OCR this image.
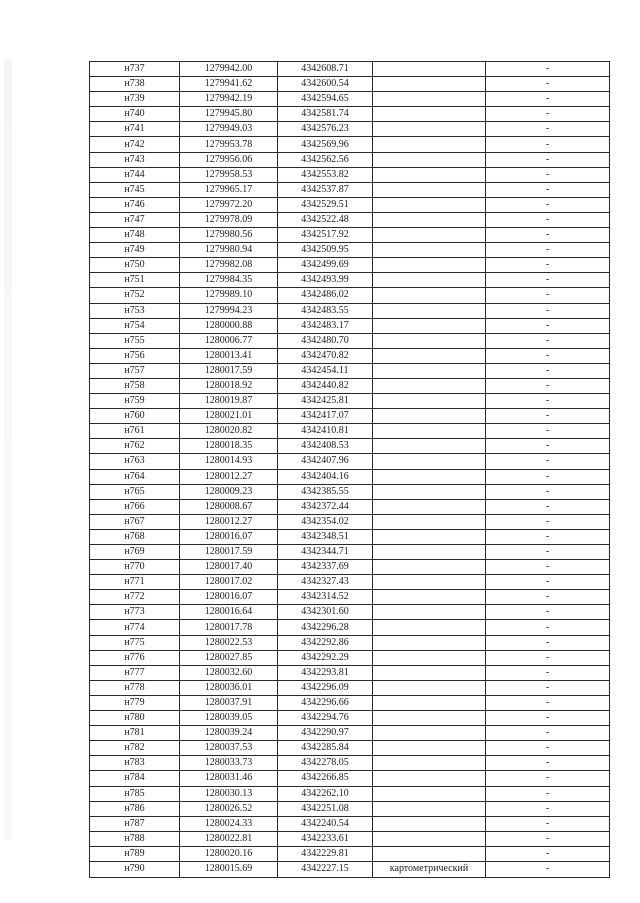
н737	1279942.00	4342608.71		-
н738	1279941.62	4342600.54		-
н739	1279942.19	4342594.65		-
н740	1279945.80	4342581.74		-
н741	1279949.03	4342576.23		-
н742	1279953.78	4342569.96		-
н743	1279956.06	4342562.56		-
н744	1279958.53	4342553.82		-
н745	1279965.17	4342537.87		-
н746	1279972.20	4342529.51		-
н747	1279978.09	4342522.48		-
н748	1279980.56	4342517.92		-
н749	1279980.94	4342509.95		-
н750	1279982.08	4342499.69		-
н751	1279984.35	4342493.99		-
н752	1279989.10	4342486.02		-
н753	1279994.23	4342483.55		-
н754	1280000.88	4342483.17		-
н755	1280006.77	4342480.70		-
н756	1280013.41	4342470.82		-
н757	1280017.59	4342454.11		-
н758	1280018.92	4342440.82		-
н759	1280019.87	4342425.81		-
н760	1280021.01	4342417.07		-
н761	1280020.82	4342410.81		-
н762	1280018.35	4342408.53		-
н763	1280014.93	4342407.96		-
н764	1280012.27	4342404.16		-
н765	1280009.23	4342385.55		-
н766	1280008.67	4342372.44		-
н767	1280012.27	4342354.02		-
н768	1280016.07	4342348.51		-
н769	1280017.59	4342344.71		-
н770	1280017.40	4342337.69		-
н771	1280017.02	4342327.43		-
н772	1280016.07	4342314.52		-
н773	1280016.64	4342301.60		-
н774	1280017.78	4342296.28		-
н775	1280022.53	4342292.86		-
н776	1280027.85	4342292.29		-
н777	1280032.60	4342293.81		-
н778	1280036.01	4342296.09		-
н779	1280037.91	4342296.66		-
н780	1280039.05	4342294.76		-
н781	1280039.24	4342290.97		-
н782	1280037.53	4342285.84		-
н783	1280033.73	4342278.05		-
н784	1280031.46	4342266.85		-
н785	1280030.13	4342262.10		-
н786	1280026.52	4342251.08		-
н787	1280024.33	4342240.54		-
н788	1280022.81	4342233.61		-
н789	1280020.16	4342229.81		-
н790	1280015.69	4342227.15	картометрический	-
